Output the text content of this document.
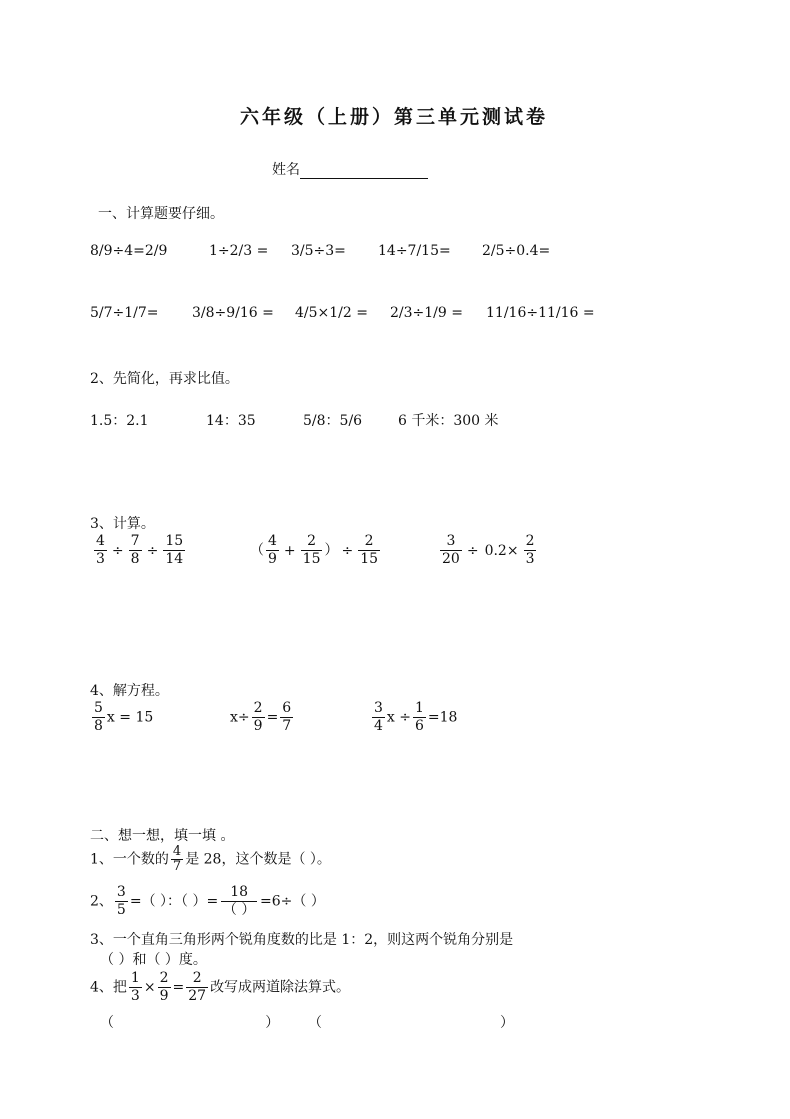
六年级（上册）第三单元测试卷
姓名
一、计算题要仔细。
8/9÷4=2/9	1÷2/3 = 3/5÷3= 14÷7/15= 2/5÷0.4=
5/7÷1/7= 3/8÷9/16 = 4/5×1/2 = 2/3÷1/9 = 11/16÷11/16 =
2、先简化，再求比值。
1.5：2.1	14：35	5/8：5/6	6 千米：300 米
3、计算。
$\frac{4}{3} \div \frac{7}{8} \div \frac{15}{14}$	（ $\frac{4}{9} + \frac{2}{15}$ ） ÷ $\frac{2}{15}$	$\frac{3}{20} \div 0.2\times \frac{2}{3}$
4、解方程。
$\frac{5}{8}$ x = 15	$x\div \frac{2}{9} = \frac{6}{7}$	$\frac{3}{4}$ $x \div \frac{1}{6} =18$
二、想一想，填一填 。
1、一个数的 $\frac{4}{7}$ 是 28，这个数是（ ）。
2、 $\frac{3}{5}$ =（ ）：（ ）= $\frac{18}{( )} =6\div$（ ）
3、一个直角三角形两个锐角度数的比是 1：2，则这两个锐角分别是
（ ）和（ ）度。
4、把 $\frac{1}{3} \times \frac{2}{9} = \frac{2}{27}$ 改写成两道除法算式。
（                                  ） （                                        ）
